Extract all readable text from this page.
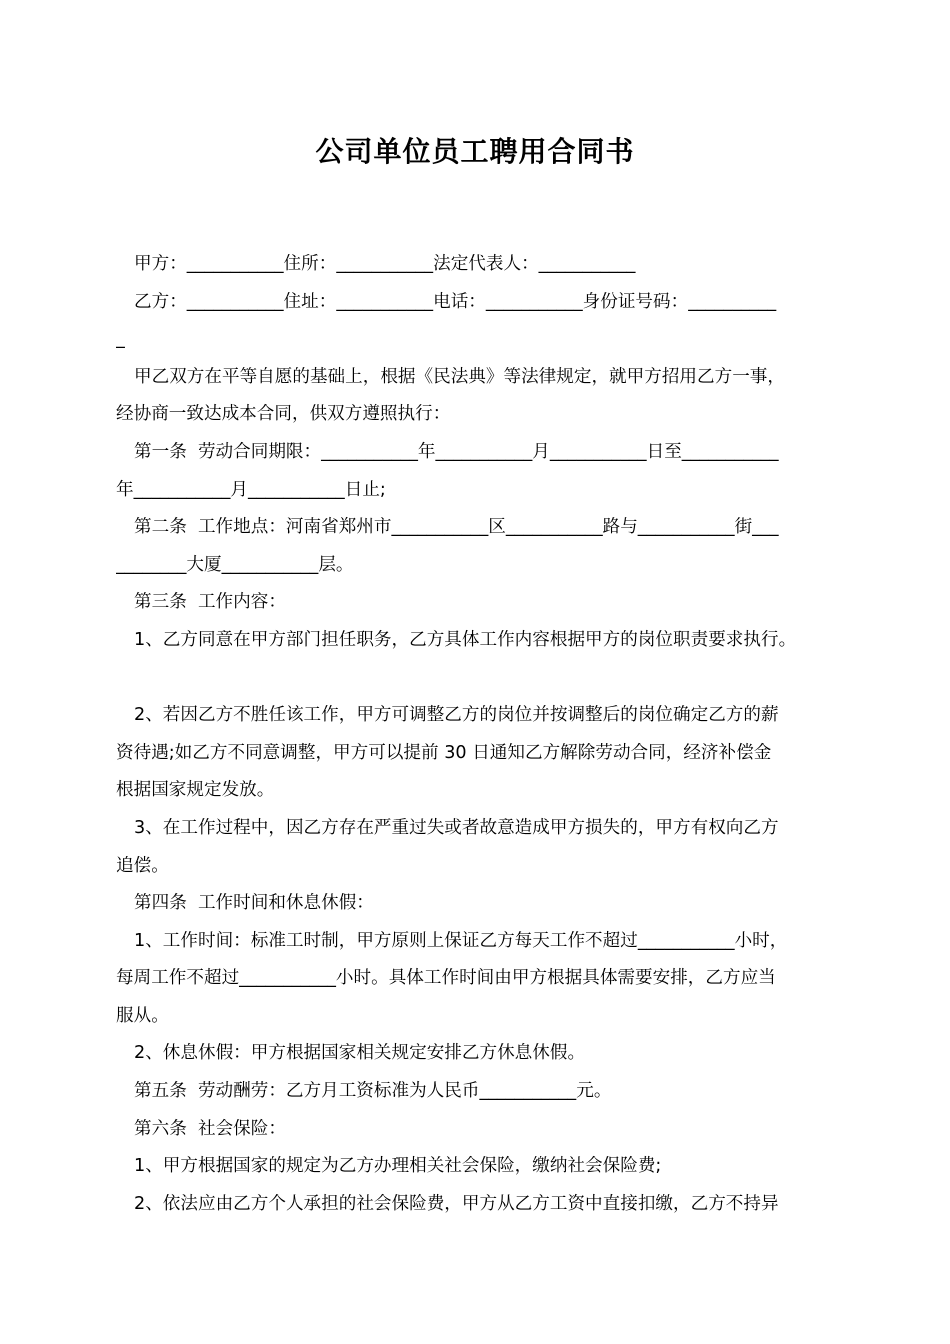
公司单位员工聘用合同书
甲方：___________住所：___________法定代表人：___________
乙方：___________住址：___________电话：___________身份证号码：__________
_
甲乙双方在平等自愿的基础上，根据《民法典》等法律规定，就甲方招用乙方一事，
经协商一致达成本合同，供双方遵照执行：
第一条  劳动合同期限：___________年___________月___________日至___________
年___________月___________日止;
第二条  工作地点：河南省郑州市___________区___________路与___________街___
________大厦___________层。
第三条  工作内容：
1、乙方同意在甲方部门担任职务，乙方具体工作内容根据甲方的岗位职责要求执行。
2、若因乙方不胜任该工作，甲方可调整乙方的岗位并按调整后的岗位确定乙方的薪
资待遇;如乙方不同意调整，甲方可以提前 30 日通知乙方解除劳动合同，经济补偿金
根据国家规定发放。
3、在工作过程中，因乙方存在严重过失或者故意造成甲方损失的，甲方有权向乙方
追偿。
第四条  工作时间和休息休假：
1、工作时间：标准工时制，甲方原则上保证乙方每天工作不超过___________小时，
每周工作不超过___________小时。具体工作时间由甲方根据具体需要安排，乙方应当
服从。
2、休息休假：甲方根据国家相关规定安排乙方休息休假。
第五条  劳动酬劳：乙方月工资标准为人民币___________元。
第六条  社会保险：
1、甲方根据国家的规定为乙方办理相关社会保险，缴纳社会保险费;
2、依法应由乙方个人承担的社会保险费，甲方从乙方工资中直接扣缴，乙方不持异
